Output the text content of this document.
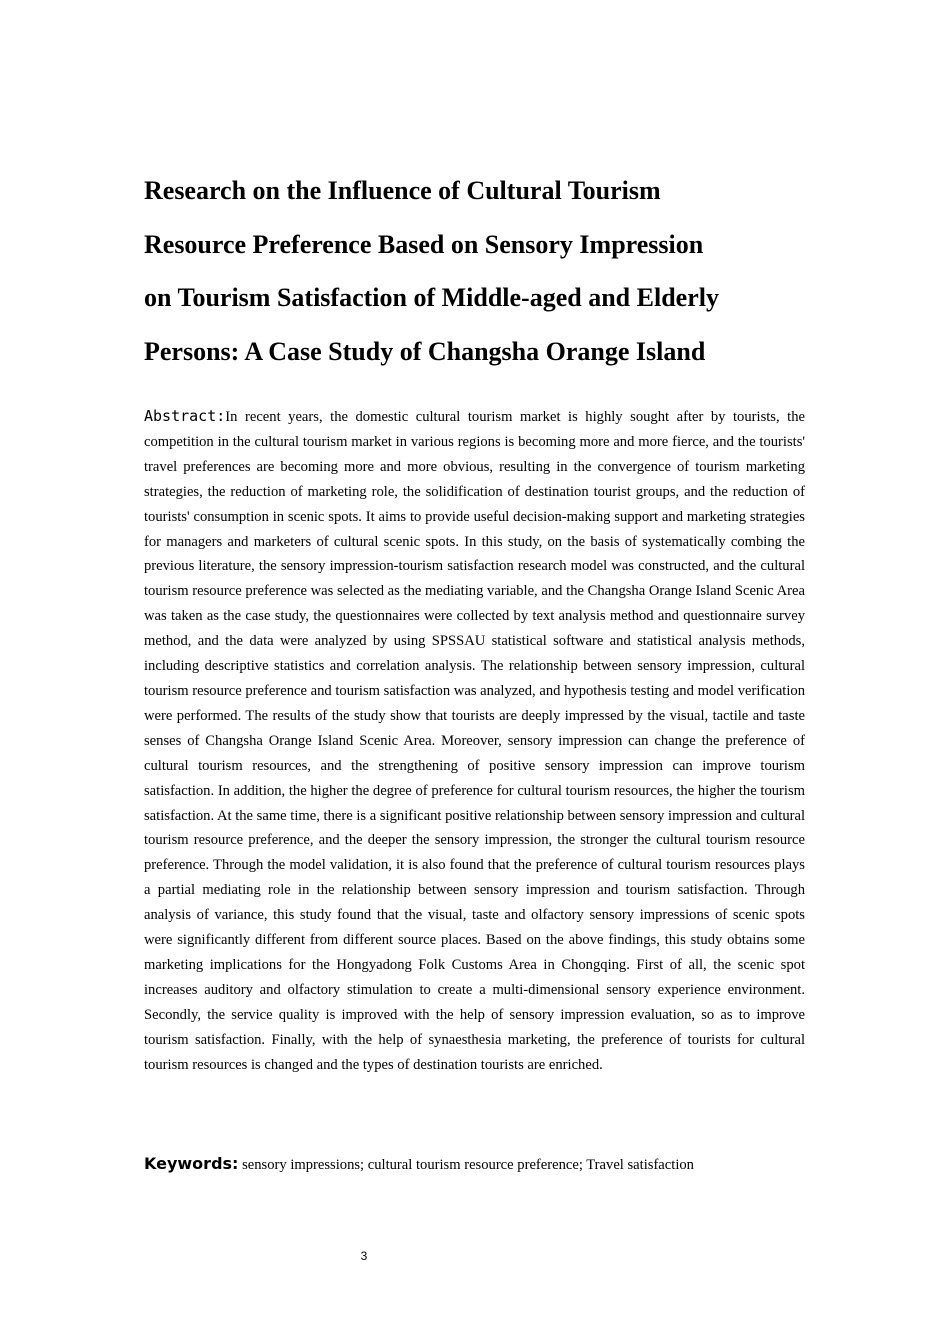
Research on the Influence of Cultural Tourism
Resource Preference Based on Sensory Impression
on Tourism Satisfaction of Middle-aged and Elderly
Persons: A Case Study of Changsha Orange Island

Abstract:In recent years, the domestic cultural tourism market is highly sought after by tourists, the competition in the cultural tourism market in various regions is becoming more and more fierce, and the tourists' travel preferences are becoming more and more obvious, resulting in the convergence of tourism marketing strategies, the reduction of marketing role, the solidification of destination tourist groups, and the reduction of tourists' consumption in scenic spots. It aims to provide useful decision-making support and marketing strategies for managers and marketers of cultural scenic spots. In this study, on the basis of systematically combing the previous literature, the sensory impression-tourism satisfaction research model was constructed, and the cultural tourism resource preference was selected as the mediating variable, and the Changsha Orange Island Scenic Area was taken as the case study, the questionnaires were collected by text analysis method and questionnaire survey method, and the data were analyzed by using SPSSAU statistical software and statistical analysis methods, including descriptive statistics and correlation analysis. The relationship between sensory impression, cultural tourism resource preference and tourism satisfaction was analyzed, and hypothesis testing and model verification were performed. The results of the study show that tourists are deeply impressed by the visual, tactile and taste senses of Changsha Orange Island Scenic Area. Moreover, sensory impression can change the preference of cultural tourism resources, and the strengthening of positive sensory impression can improve tourism satisfaction. In addition, the higher the degree of preference for cultural tourism resources, the higher the tourism satisfaction. At the same time, there is a significant positive relationship between sensory impression and cultural tourism resource preference, and the deeper the sensory impression, the stronger the cultural tourism resource preference. Through the model validation, it is also found that the preference of cultural tourism resources plays a partial mediating role in the relationship between sensory impression and tourism satisfaction. Through analysis of variance, this study found that the visual, taste and olfactory sensory impressions of scenic spots were significantly different from different source places. Based on the above findings, this study obtains some marketing implications for the Hongyadong Folk Customs Area in Chongqing. First of all, the scenic spot increases auditory and olfactory stimulation to create a multi-dimensional sensory experience environment. Secondly, the service quality is improved with the help of sensory impression evaluation, so as to improve tourism satisfaction. Finally, with the help of synaesthesia marketing, the preference of tourists for cultural tourism resources is changed and the types of destination tourists are enriched.

Keywords: sensory impressions; cultural tourism resource preference; Travel satisfaction

3
